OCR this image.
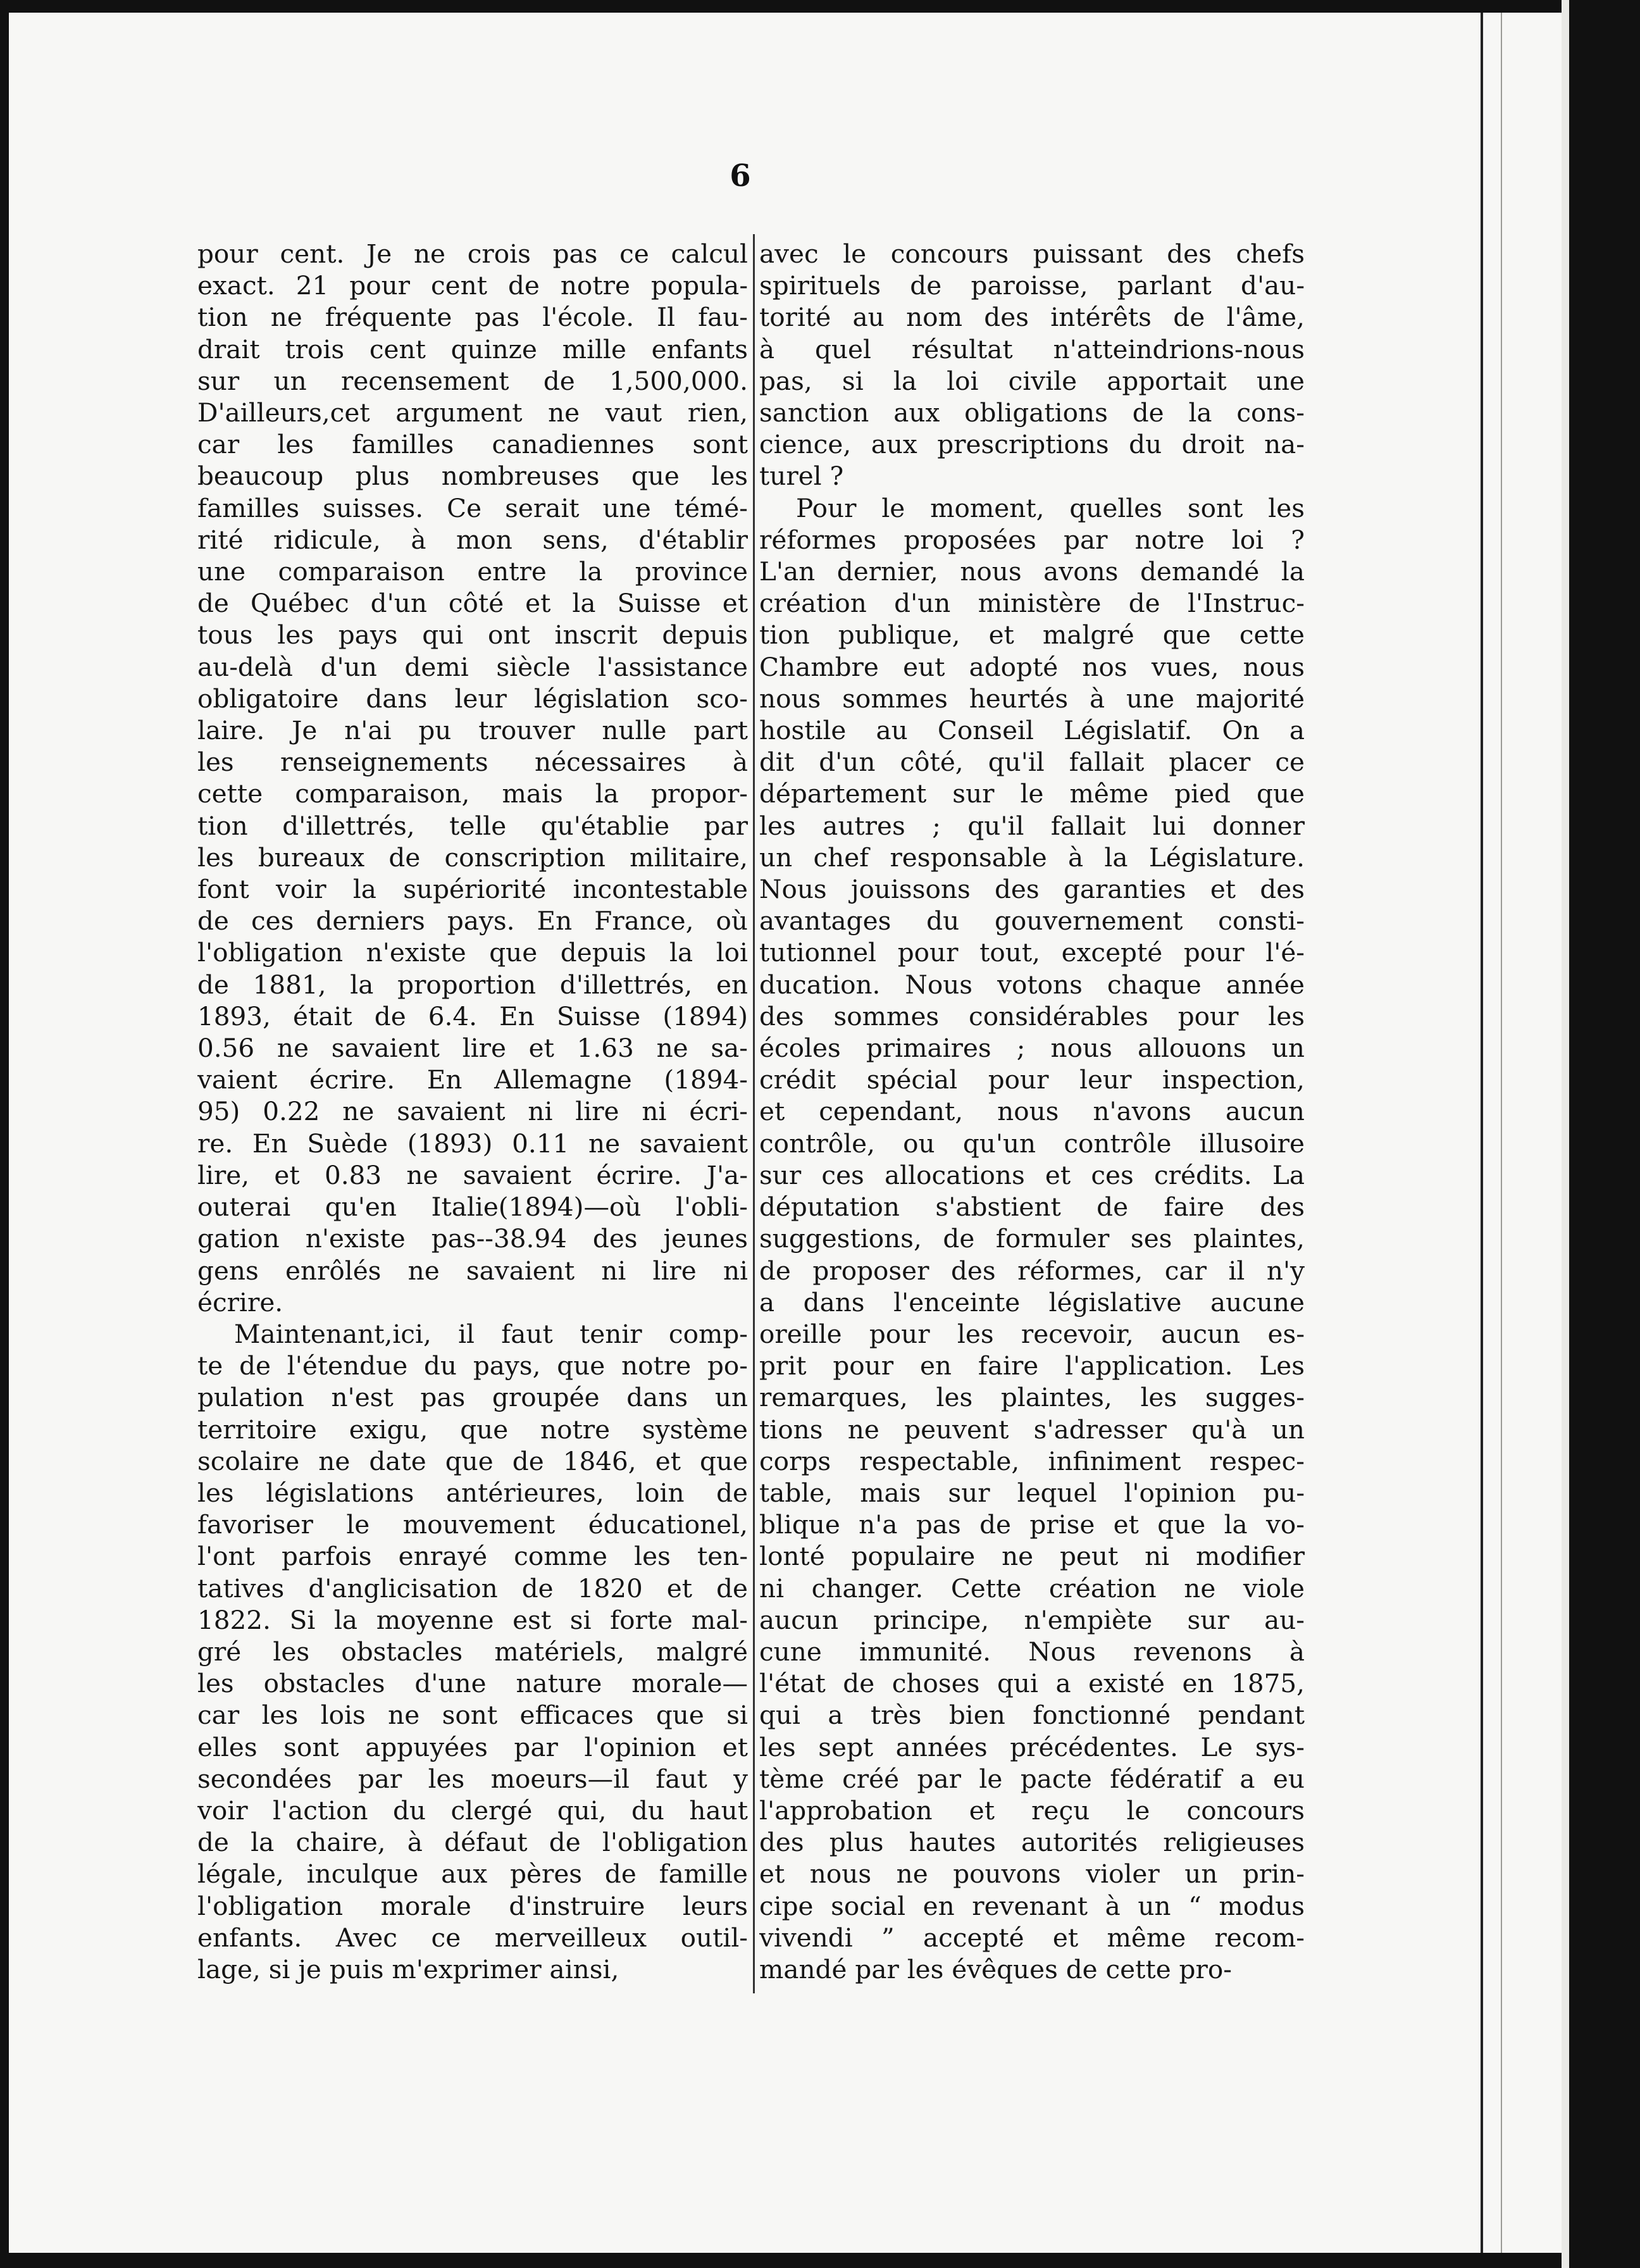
6
pour cent. Je ne crois pas ce calcul
exact. 21 pour cent de notre popula-
tion ne fréquente pas l'école. Il fau-
drait trois cent quinze mille enfants
sur un recensement de 1,500,000.
D'ailleurs,cet argument ne vaut rien,
car les familles canadiennes sont
beaucoup plus nombreuses que les
familles suisses. Ce serait une témé-
rité ridicule, à mon sens, d'établir
une comparaison entre la province
de Québec d'un côté et la Suisse et
tous les pays qui ont inscrit depuis
au-delà d'un demi siècle l'assistance
obligatoire dans leur législation sco-
laire. Je n'ai pu trouver nulle part
les renseignements nécessaires à
cette comparaison, mais la propor-
tion d'illettrés, telle qu'établie par
les bureaux de conscription militaire,
font voir la supériorité incontestable
de ces derniers pays. En France, où
l'obligation n'existe que depuis la loi
de 1881, la proportion d'illettrés, en
1893, était de 6.4. En Suisse (1894)
0.56 ne savaient lire et 1.63 ne sa-
vaient écrire. En Allemagne (1894-
95) 0.22 ne savaient ni lire ni écri-
re. En Suède (1893) 0.11 ne savaient
lire, et 0.83 ne savaient écrire. J'a-
outerai qu'en Italie(1894)—où l'obli-
gation n'existe pas--38.94 des jeunes
gens enrôlés ne savaient ni lire ni
écrire.
Maintenant,ici, il faut tenir comp-
te de l'étendue du pays, que notre po-
pulation n'est pas groupée dans un
territoire exigu, que notre système
scolaire ne date que de 1846, et que
les législations antérieures, loin de
favoriser le mouvement éducationel,
l'ont parfois enrayé comme les ten-
tatives d'anglicisation de 1820 et de
1822. Si la moyenne est si forte mal-
gré les obstacles matériels, malgré
les obstacles d'une nature morale—
car les lois ne sont efficaces que si
elles sont appuyées par l'opinion et
secondées par les moeurs—il faut y
voir l'action du clergé qui, du haut
de la chaire, à défaut de l'obligation
légale, inculque aux pères de famille
l'obligation morale d'instruire leurs
enfants. Avec ce merveilleux outil-
lage, si je puis m'exprimer ainsi,
avec le concours puissant des chefs
spirituels de paroisse, parlant d'au-
torité au nom des intérêts de l'âme,
à quel résultat n'atteindrions-nous
pas, si la loi civile apportait une
sanction aux obligations de la cons-
cience, aux prescriptions du droit na-
turel ?
Pour le moment, quelles sont les
réformes proposées par notre loi ?
L'an dernier, nous avons demandé la
création d'un ministère de l'Instruc-
tion publique, et malgré que cette
Chambre eut adopté nos vues, nous
nous sommes heurtés à une majorité
hostile au Conseil Législatif. On a
dit d'un côté, qu'il fallait placer ce
département sur le même pied que
les autres ; qu'il fallait lui donner
un chef responsable à la Législature.
Nous jouissons des garanties et des
avantages du gouvernement consti-
tutionnel pour tout, excepté pour l'é-
ducation. Nous votons chaque année
des sommes considérables pour les
écoles primaires ; nous allouons un
crédit spécial pour leur inspection,
et cependant, nous n'avons aucun
contrôle, ou qu'un contrôle illusoire
sur ces allocations et ces crédits. La
députation s'abstient de faire des
suggestions, de formuler ses plaintes,
de proposer des réformes, car il n'y
a dans l'enceinte législative aucune
oreille pour les recevoir, aucun es-
prit pour en faire l'application. Les
remarques, les plaintes, les sugges-
tions ne peuvent s'adresser qu'à un
corps respectable, infiniment respec-
table, mais sur lequel l'opinion pu-
blique n'a pas de prise et que la vo-
lonté populaire ne peut ni modifier
ni changer. Cette création ne viole
aucun principe, n'empiète sur au-
cune immunité. Nous revenons à
l'état de choses qui a existé en 1875,
qui a très bien fonctionné pendant
les sept années précédentes. Le sys-
tème créé par le pacte fédératif a eu
l'approbation et reçu le concours
des plus hautes autorités religieuses
et nous ne pouvons violer un prin-
cipe social en revenant à un “ modus
vivendi ” accepté et même recom-
mandé par les évêques de cette pro-
